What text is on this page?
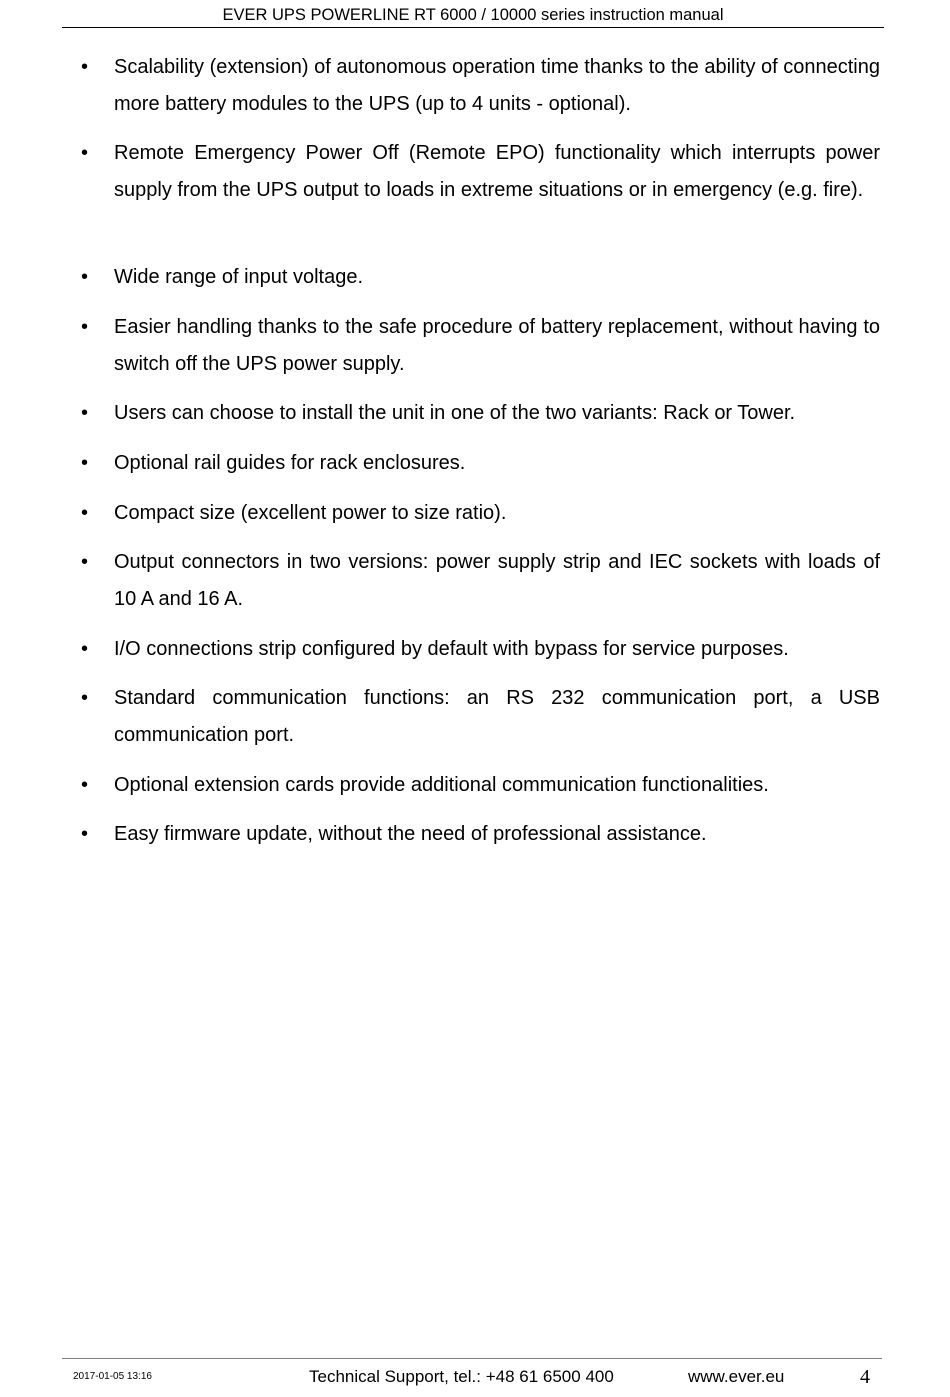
EVER UPS POWERLINE RT 6000 / 10000 series instruction manual
•	Scalability (extension) of autonomous operation time thanks to the ability of connecting more battery modules to the UPS (up to 4 units - optional).
•	Remote Emergency Power Off (Remote EPO) functionality which interrupts power supply from the UPS output to loads in extreme situations or in emergency (e.g. fire).
•	Wide range of input voltage.
•	Easier handling thanks to the safe procedure of battery replacement, without having to switch off the UPS power supply.
•	Users can choose to install the unit in one of the two variants: Rack or Tower.
•	Optional rail guides for rack enclosures.
•	Compact size (excellent power to size ratio).
•	Output connectors in two versions: power supply strip and IEC sockets with loads of 10 A and 16 A.
•	I/O connections strip configured by default with bypass for service purposes.
•	Standard communication functions: an RS 232 communication port, a USB communication port.
•	Optional extension cards provide additional communication functionalities.
•	Easy firmware update, without the need of professional assistance.
2017-01-05 13:16	Technical Support, tel.: +48 61 6500 400	www.ever.eu	4
